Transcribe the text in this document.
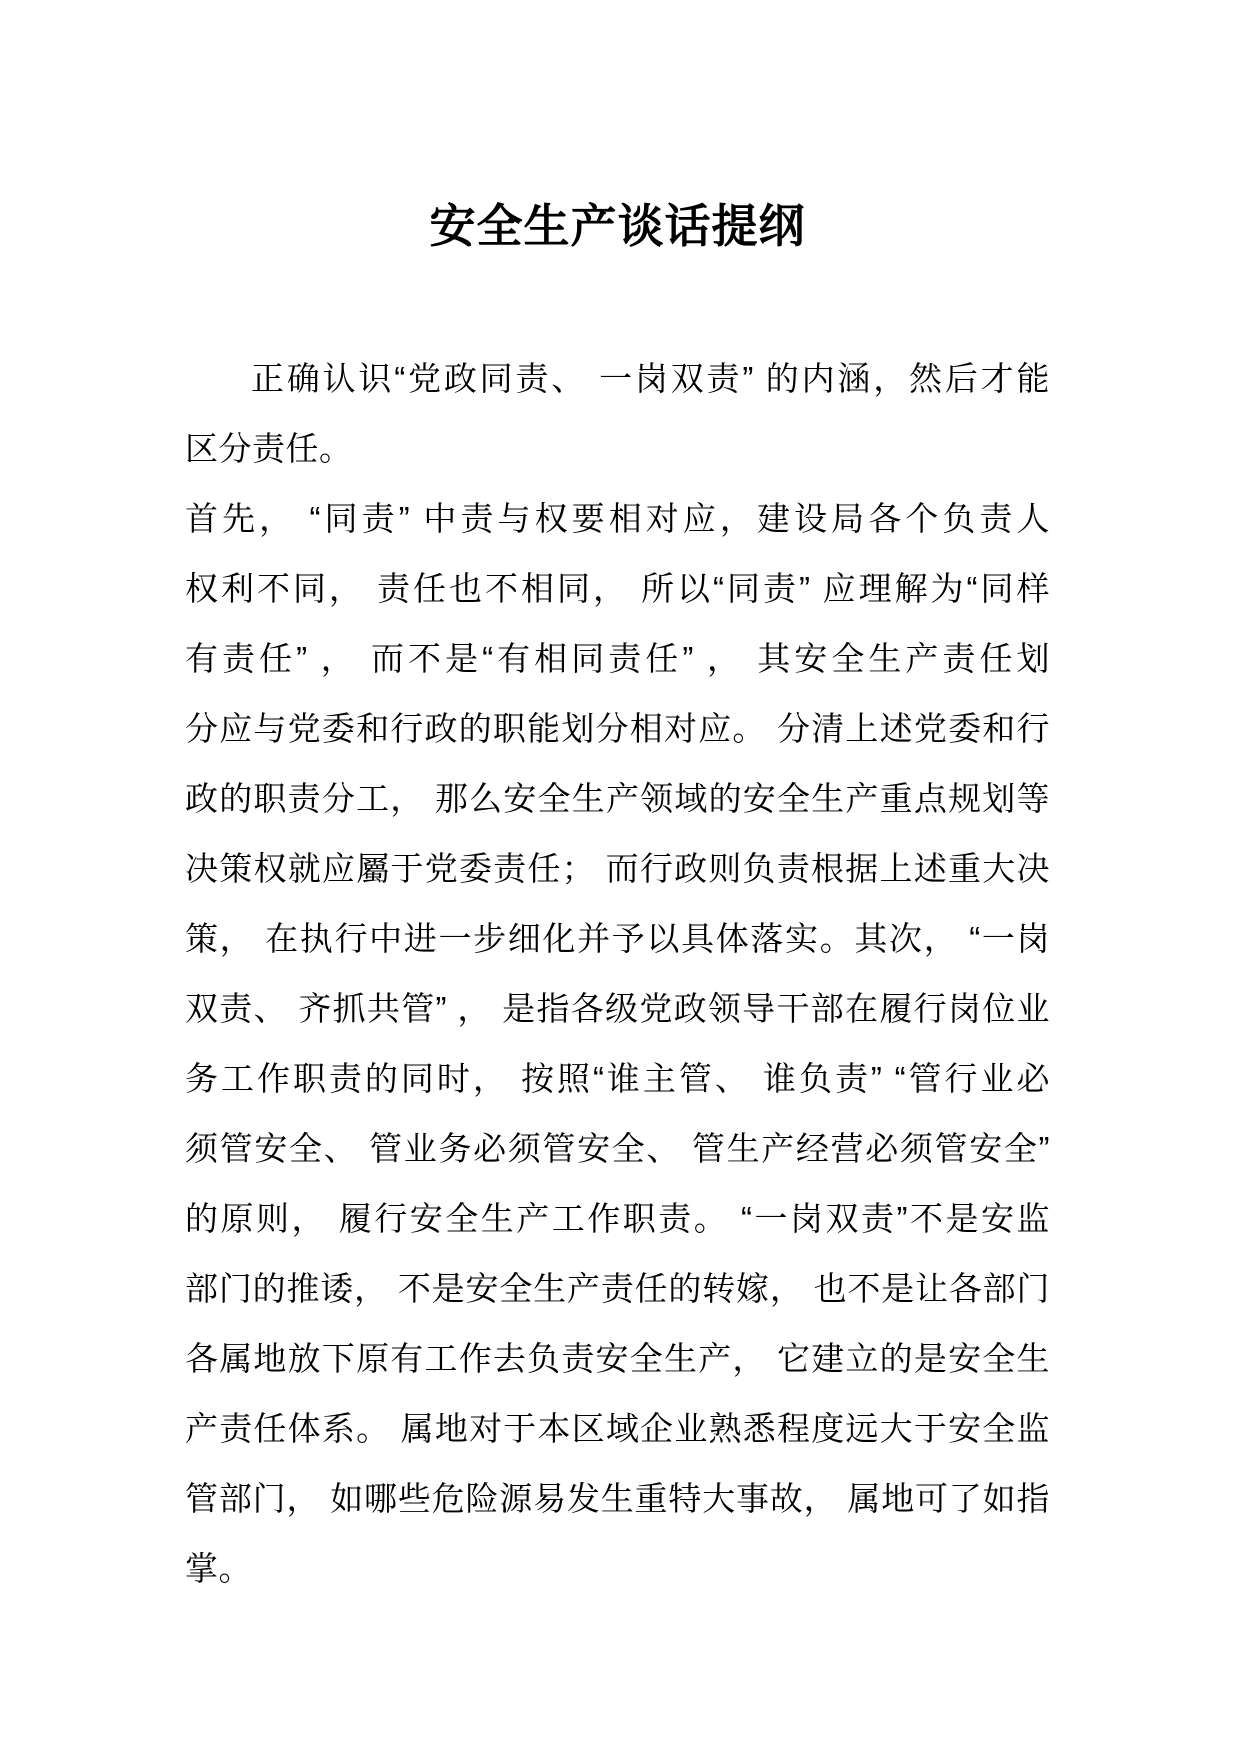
安全生产谈话提纲
正确认识“党政同责、 一岗双责” 的内涵，然后才能
区分责任。
首先， “同责” 中责与权要相对应，建设局各个负责人
权利不同， 责任也不相同， 所以“同责” 应理解为“同样
有责任” ， 而不是“有相同责任” ， 其安全生产责任划
分应与党委和行政的职能划分相对应。 分清上述党委和行
政的职责分工， 那么安全生产领域的安全生产重点规划等
决策权就应屬于党委责任； 而行政则负责根据上述重大决
策， 在执行中进一步细化并予以具体落实。其次， “一岗
双责、 齐抓共管” ， 是指各级党政领导干部在履行岗位业
务工作职责的同时， 按照“谁主管、 谁负责” “管行业必
须管安全、 管业务必须管安全、 管生产经营必须管安全”
的原则， 履行安全生产工作职责。 “一岗双责”不是安监
部门的推诿， 不是安全生产责任的转嫁， 也不是让各部门
各属地放下原有工作去负责安全生产， 它建立的是安全生
产责任体系。 属地对于本区域企业熟悉程度远大于安全监
管部门， 如哪些危险源易发生重特大事故， 属地可了如指
掌。
